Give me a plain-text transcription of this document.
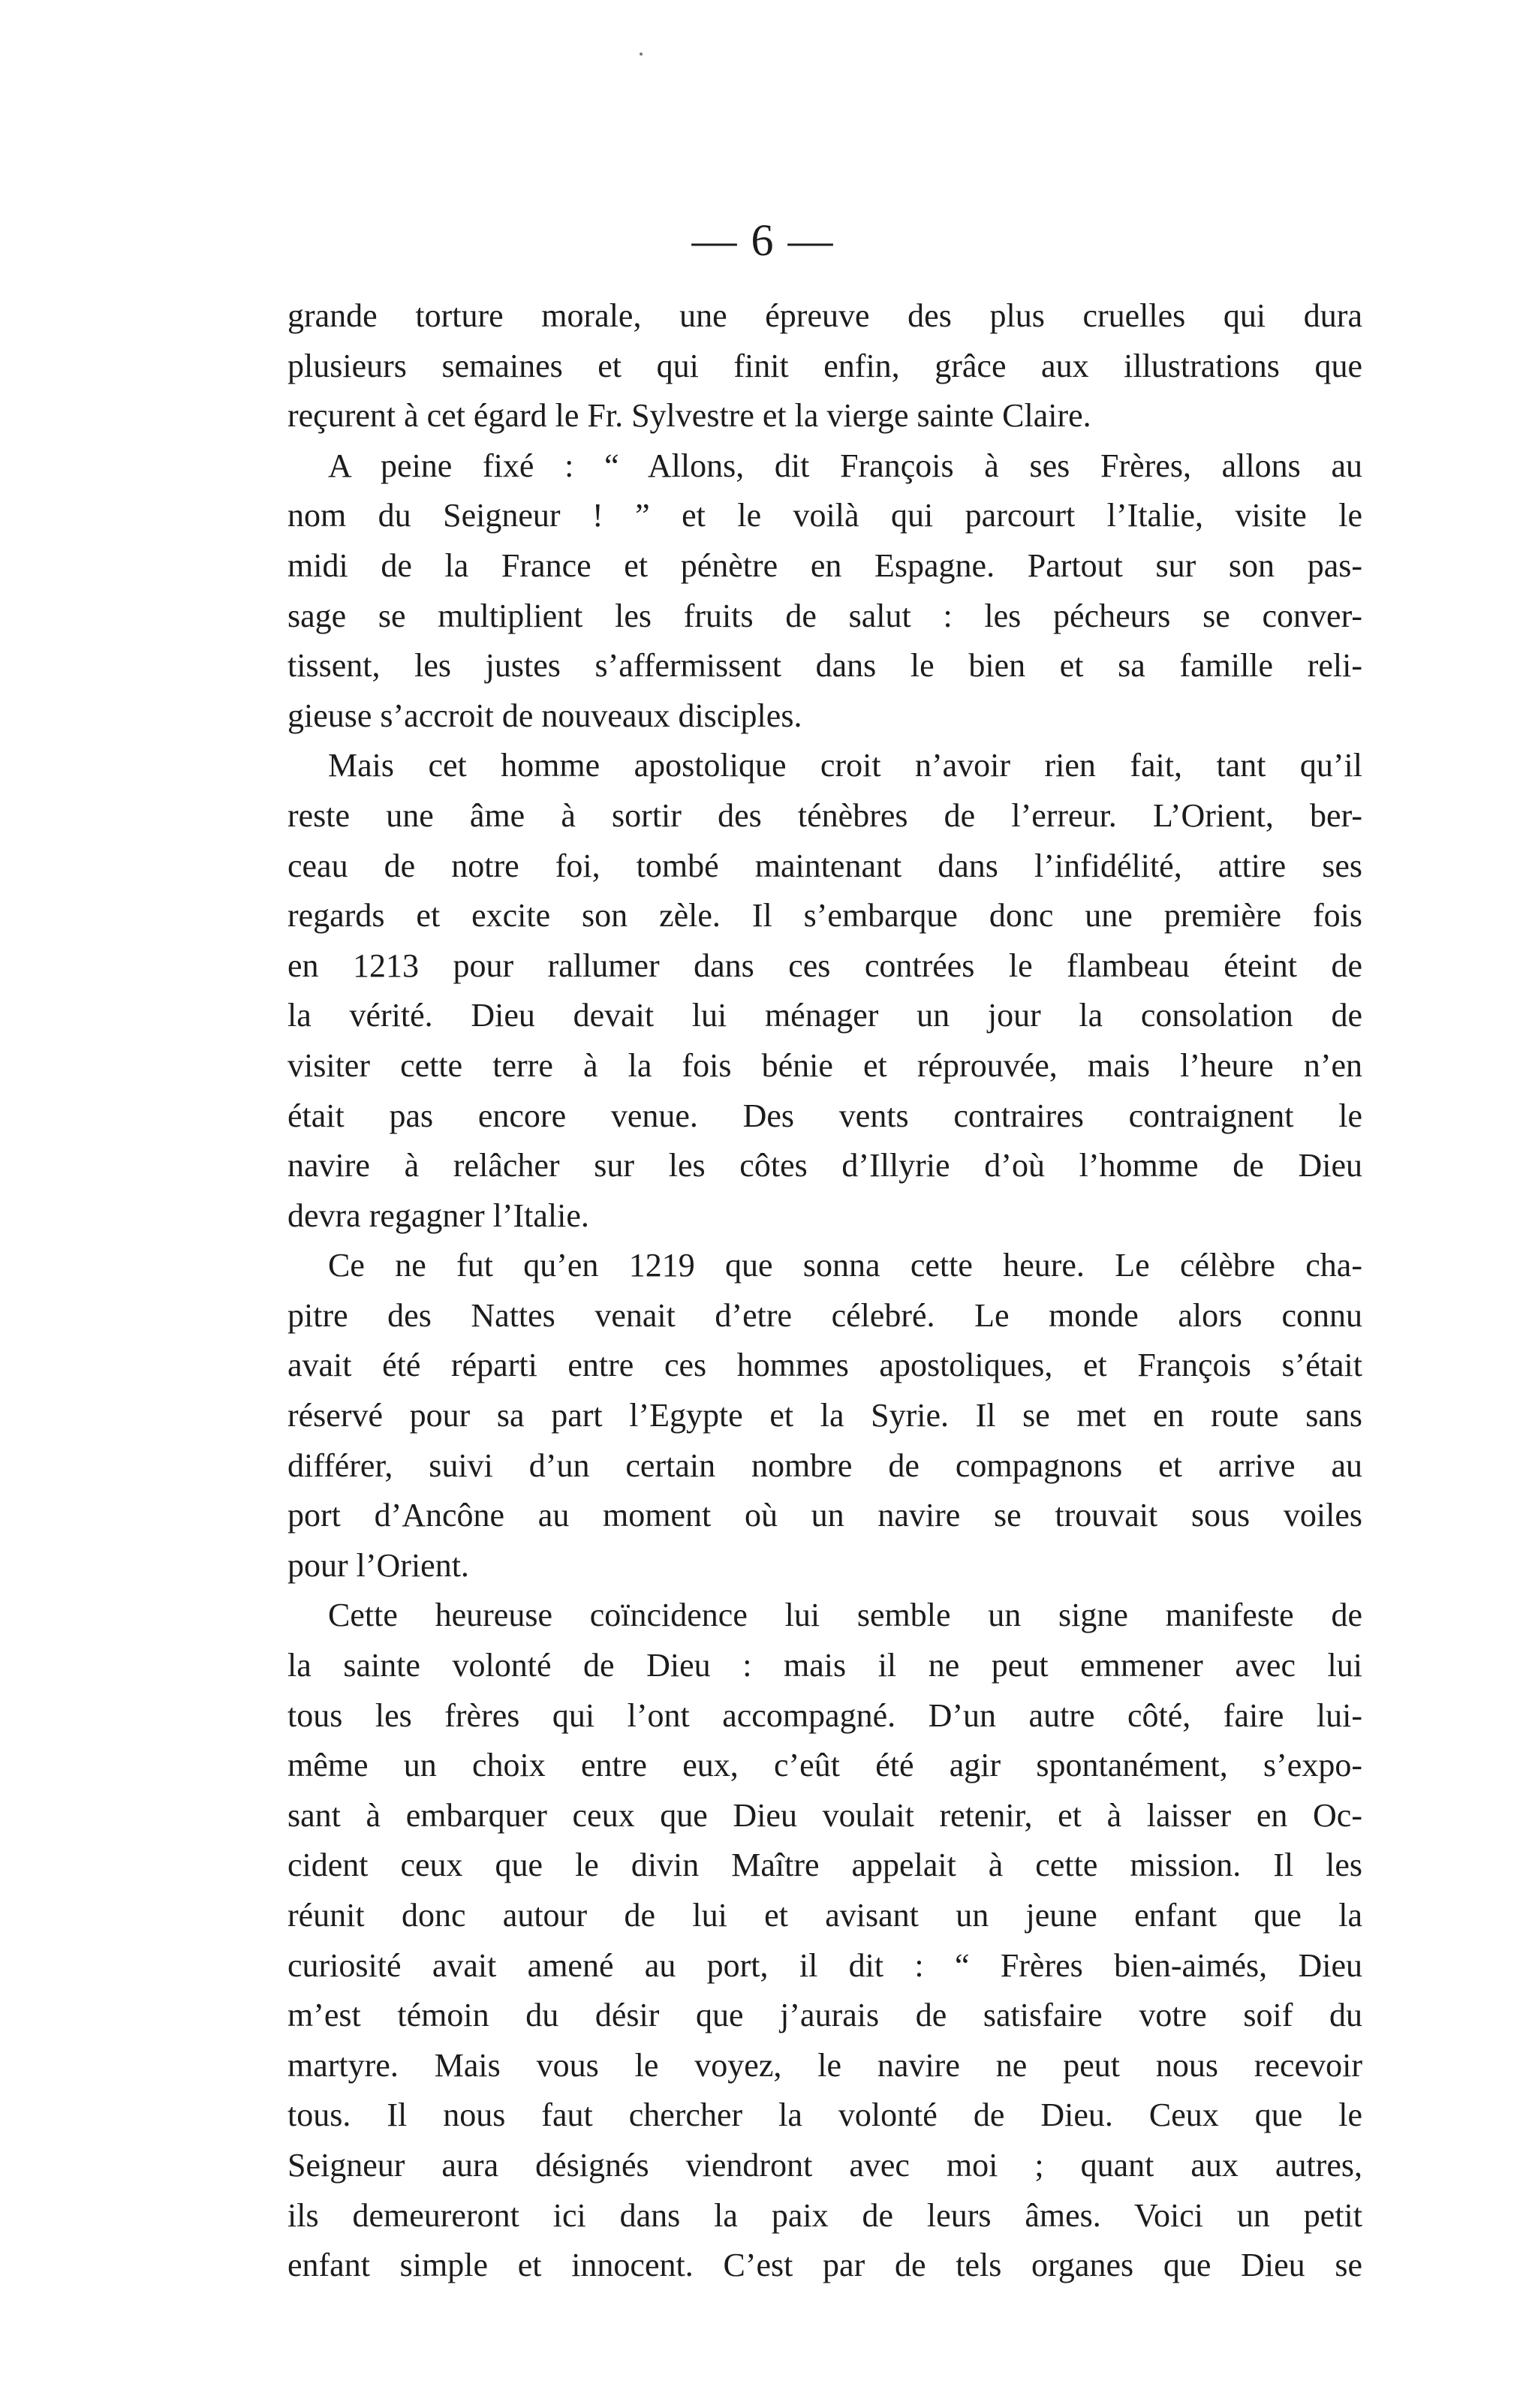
— 6 —
grande torture morale, une épreuve des plus cruelles qui dura
plusieurs semaines et qui finit enfin, grâce aux illustrations que
reçurent à cet égard le Fr. Sylvestre et la vierge sainte Claire.
A peine fixé : “ Allons, dit François à ses Frères, allons au
nom du Seigneur ! ” et le voilà qui parcourt l’Italie, visite le
midi de la France et pénètre en Espagne. Partout sur son pas-
sage se multiplient les fruits de salut : les pécheurs se conver-
tissent, les justes s’affermissent dans le bien et sa famille reli-
gieuse s’accroit de nouveaux disciples.
Mais cet homme apostolique croit n’avoir rien fait, tant qu’il
reste une âme à sortir des ténèbres de l’erreur. L’Orient, ber-
ceau de notre foi, tombé maintenant dans l’infidélité, attire ses
regards et excite son zèle. Il s’embarque donc une première fois
en 1213 pour rallumer dans ces contrées le flambeau éteint de
la vérité. Dieu devait lui ménager un jour la consolation de
visiter cette terre à la fois bénie et réprouvée, mais l’heure n’en
était pas encore venue. Des vents contraires contraignent le
navire à relâcher sur les côtes d’Illyrie d’où l’homme de Dieu
devra regagner l’Italie.
Ce ne fut qu’en 1219 que sonna cette heure. Le célèbre cha-
pitre des Nattes venait d’etre célebré. Le monde alors connu
avait été réparti entre ces hommes apostoliques, et François s’était
réservé pour sa part l’Egypte et la Syrie. Il se met en route sans
différer, suivi d’un certain nombre de compagnons et arrive au
port d’Ancône au moment où un navire se trouvait sous voiles
pour l’Orient.
Cette heureuse coïncidence lui semble un signe manifeste de
la sainte volonté de Dieu : mais il ne peut emmener avec lui
tous les frères qui l’ont accompagné. D’un autre côté, faire lui-
même un choix entre eux, c’eût été agir spontanément, s’expo-
sant à embarquer ceux que Dieu voulait retenir, et à laisser en Oc-
cident ceux que le divin Maître appelait à cette mission. Il les
réunit donc autour de lui et avisant un jeune enfant que la
curiosité avait amené au port, il dit : “ Frères bien-aimés, Dieu
m’est témoin du désir que j’aurais de satisfaire votre soif du
martyre. Mais vous le voyez, le navire ne peut nous recevoir
tous. Il nous faut chercher la volonté de Dieu. Ceux que le
Seigneur aura désignés viendront avec moi ; quant aux autres,
ils demeureront ici dans la paix de leurs âmes. Voici un petit
enfant simple et innocent. C’est par de tels organes que Dieu se
